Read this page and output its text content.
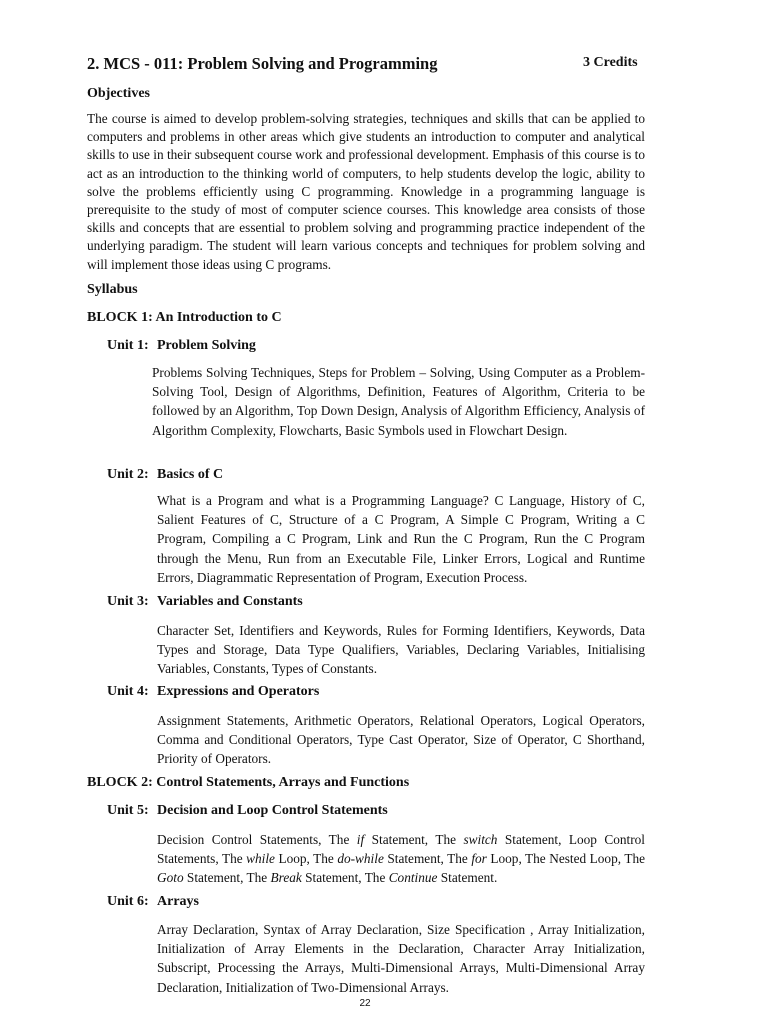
2. MCS - 011: Problem Solving and Programming	3 Credits
Objectives
The course is aimed to develop problem-solving strategies, techniques and skills that can be applied to computers and problems in other areas which give students an introduction to computer and analytical skills to use in their subsequent course work and professional development. Emphasis of this course is to act as an introduction to the thinking world of computers, to help students develop the logic, ability to solve the problems efficiently using C programming. Knowledge in a programming language is prerequisite to the study of most of computer science courses. This knowledge area consists of those skills and concepts that are essential to problem solving and programming practice independent of the underlying paradigm. The student will learn various concepts and techniques for problem solving and will implement those ideas using C programs.
Syllabus
BLOCK 1: An Introduction to C
Unit 1: Problem Solving
Problems Solving Techniques, Steps for Problem – Solving, Using Computer as a Problem-Solving Tool, Design of Algorithms, Definition, Features of Algorithm, Criteria to be followed by an Algorithm, Top Down Design, Analysis of Algorithm Efficiency, Analysis of Algorithm Complexity, Flowcharts, Basic Symbols used in Flowchart Design.
Unit 2: Basics of C
What is a Program and what is a Programming Language? C Language, History of C, Salient Features of C, Structure of a C Program, A Simple C Program, Writing a C Program, Compiling a C Program, Link and Run the C Program, Run the C Program through the Menu, Run from an Executable File, Linker Errors, Logical and Runtime Errors, Diagrammatic Representation of Program, Execution Process.
Unit 3: Variables and Constants
Character Set, Identifiers and Keywords, Rules for Forming Identifiers, Keywords, Data Types and Storage, Data Type Qualifiers, Variables, Declaring Variables, Initialising Variables, Constants, Types of Constants.
Unit 4: Expressions and Operators
Assignment Statements, Arithmetic Operators, Relational Operators, Logical Operators, Comma and Conditional Operators, Type Cast Operator, Size of Operator, C Shorthand, Priority of Operators.
BLOCK 2: Control Statements, Arrays and Functions
Unit 5: Decision and Loop Control Statements
Decision Control Statements, The if Statement, The switch Statement, Loop Control Statements, The while Loop, The do-while Statement, The for Loop, The Nested Loop, The Goto Statement, The Break Statement, The Continue Statement.
Unit 6: Arrays
Array Declaration, Syntax of Array Declaration, Size Specification , Array Initialization, Initialization of Array Elements in the Declaration, Character Array Initialization, Subscript, Processing the Arrays, Multi-Dimensional Arrays, Multi-Dimensional Array Declaration, Initialization of Two-Dimensional Arrays.
22
